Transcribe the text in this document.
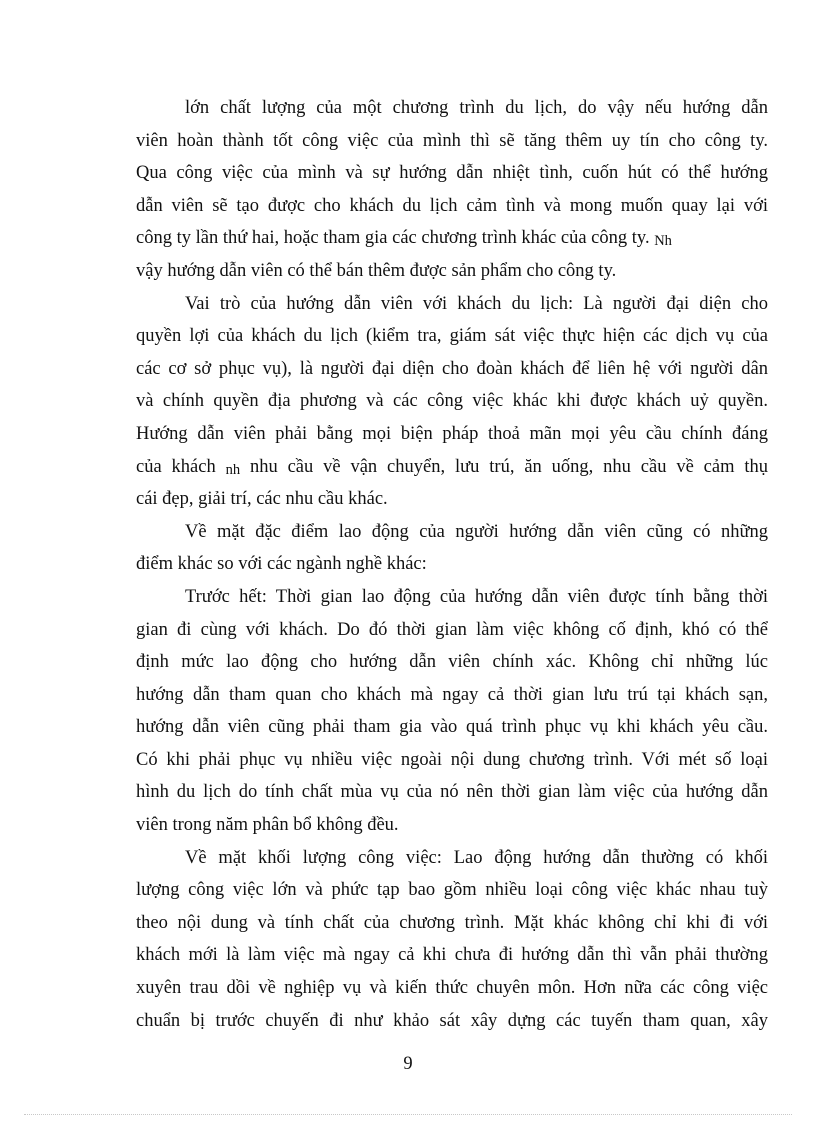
lớn chất lượng của một chương trình du lịch, do vậy nếu hướng dẫn
viên hoàn thành tốt công việc của mình thì sẽ tăng thêm uy tín cho công ty.
Qua công việc của mình và sự hướng dẫn nhiệt tình, cuốn hút có thể hướng
dẫn viên sẽ tạo được cho khách du lịch cảm tình và mong muốn quay lại với
công ty lần thứ hai, hoặc tham gia các chương trình khác của công ty. Nh
vậy hướng dẫn viên có thể bán thêm được sản phẩm cho công ty.
Vai trò của hướng dẫn viên với khách du lịch: Là người đại diện cho
quyền lợi của khách du lịch (kiểm tra, giám sát việc thực hiện các dịch vụ của
các cơ sở phục vụ), là người đại diện cho đoàn khách để liên hệ với người dân
và chính quyền địa phương và các công việc khác khi được khách uỷ quyền.
Hướng dẫn viên phải bằng mọi biện pháp thoả mãn mọi yêu cầu chính đáng
của khách nh nhu cầu về vận chuyển, lưu trú, ăn uống, nhu cầu về cảm thụ
cái đẹp, giải trí, các nhu cầu khác.
Về mặt đặc điểm lao động của người hướng dẫn viên cũng có những
điểm khác so với các ngành nghề khác:
Trước hết: Thời gian lao động của hướng dẫn viên được tính bằng thời
gian đi cùng với khách. Do đó thời gian làm việc không cố định, khó có thể
định mức lao động cho hướng dẫn viên chính xác. Không chỉ những lúc
hướng dẫn tham quan cho khách mà ngay cả thời gian lưu trú tại khách sạn,
hướng dẫn viên cũng phải tham gia vào quá trình phục vụ khi khách yêu cầu.
Có khi phải phục vụ nhiều việc ngoài nội dung chương trình. Với mét số loại
hình du lịch do tính chất mùa vụ của nó nên thời gian làm việc của hướng dẫn
viên trong năm phân bổ không đều.
Về mặt khối lượng công việc: Lao động hướng dẫn thường có khối
lượng công việc lớn và phức tạp bao gồm nhiều loại công việc khác nhau tuỳ
theo nội dung và tính chất của chương trình. Mặt khác không chỉ khi đi với
khách mới là làm việc mà ngay cả khi chưa đi hướng dẫn thì vẫn phải thường
xuyên trau dồi về nghiệp vụ và kiến thức chuyên môn. Hơn nữa các công việc
chuẩn bị trước chuyến đi như khảo sát xây dựng các tuyến tham quan, xây
9
